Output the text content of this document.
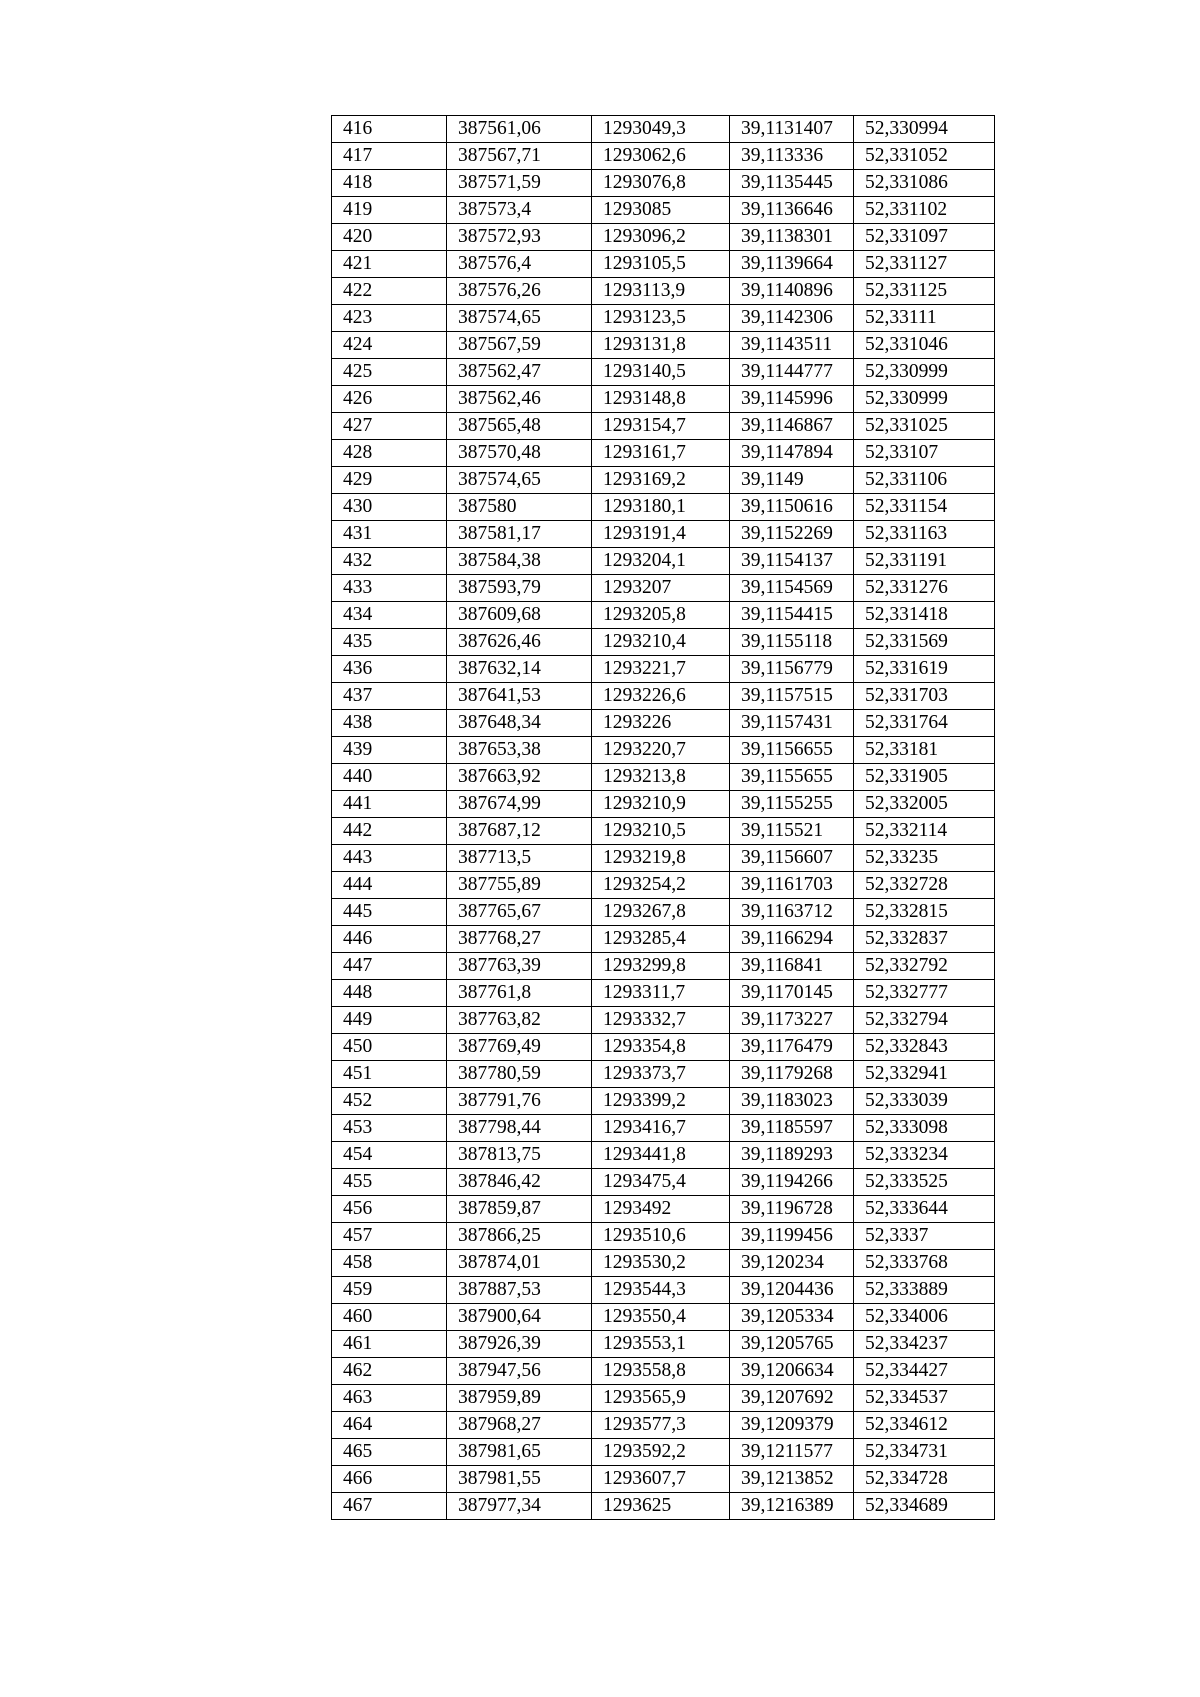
416	387561,06	1293049,3	39,1131407	52,330994
417	387567,71	1293062,6	39,113336	52,331052
418	387571,59	1293076,8	39,1135445	52,331086
419	387573,4	1293085	39,1136646	52,331102
420	387572,93	1293096,2	39,1138301	52,331097
421	387576,4	1293105,5	39,1139664	52,331127
422	387576,26	1293113,9	39,1140896	52,331125
423	387574,65	1293123,5	39,1142306	52,33111
424	387567,59	1293131,8	39,1143511	52,331046
425	387562,47	1293140,5	39,1144777	52,330999
426	387562,46	1293148,8	39,1145996	52,330999
427	387565,48	1293154,7	39,1146867	52,331025
428	387570,48	1293161,7	39,1147894	52,33107
429	387574,65	1293169,2	39,1149	52,331106
430	387580	1293180,1	39,1150616	52,331154
431	387581,17	1293191,4	39,1152269	52,331163
432	387584,38	1293204,1	39,1154137	52,331191
433	387593,79	1293207	39,1154569	52,331276
434	387609,68	1293205,8	39,1154415	52,331418
435	387626,46	1293210,4	39,1155118	52,331569
436	387632,14	1293221,7	39,1156779	52,331619
437	387641,53	1293226,6	39,1157515	52,331703
438	387648,34	1293226	39,1157431	52,331764
439	387653,38	1293220,7	39,1156655	52,33181
440	387663,92	1293213,8	39,1155655	52,331905
441	387674,99	1293210,9	39,1155255	52,332005
442	387687,12	1293210,5	39,115521	52,332114
443	387713,5	1293219,8	39,1156607	52,33235
444	387755,89	1293254,2	39,1161703	52,332728
445	387765,67	1293267,8	39,1163712	52,332815
446	387768,27	1293285,4	39,1166294	52,332837
447	387763,39	1293299,8	39,116841	52,332792
448	387761,8	1293311,7	39,1170145	52,332777
449	387763,82	1293332,7	39,1173227	52,332794
450	387769,49	1293354,8	39,1176479	52,332843
451	387780,59	1293373,7	39,1179268	52,332941
452	387791,76	1293399,2	39,1183023	52,333039
453	387798,44	1293416,7	39,1185597	52,333098
454	387813,75	1293441,8	39,1189293	52,333234
455	387846,42	1293475,4	39,1194266	52,333525
456	387859,87	1293492	39,1196728	52,333644
457	387866,25	1293510,6	39,1199456	52,3337
458	387874,01	1293530,2	39,120234	52,333768
459	387887,53	1293544,3	39,1204436	52,333889
460	387900,64	1293550,4	39,1205334	52,334006
461	387926,39	1293553,1	39,1205765	52,334237
462	387947,56	1293558,8	39,1206634	52,334427
463	387959,89	1293565,9	39,1207692	52,334537
464	387968,27	1293577,3	39,1209379	52,334612
465	387981,65	1293592,2	39,1211577	52,334731
466	387981,55	1293607,7	39,1213852	52,334728
467	387977,34	1293625	39,1216389	52,334689
